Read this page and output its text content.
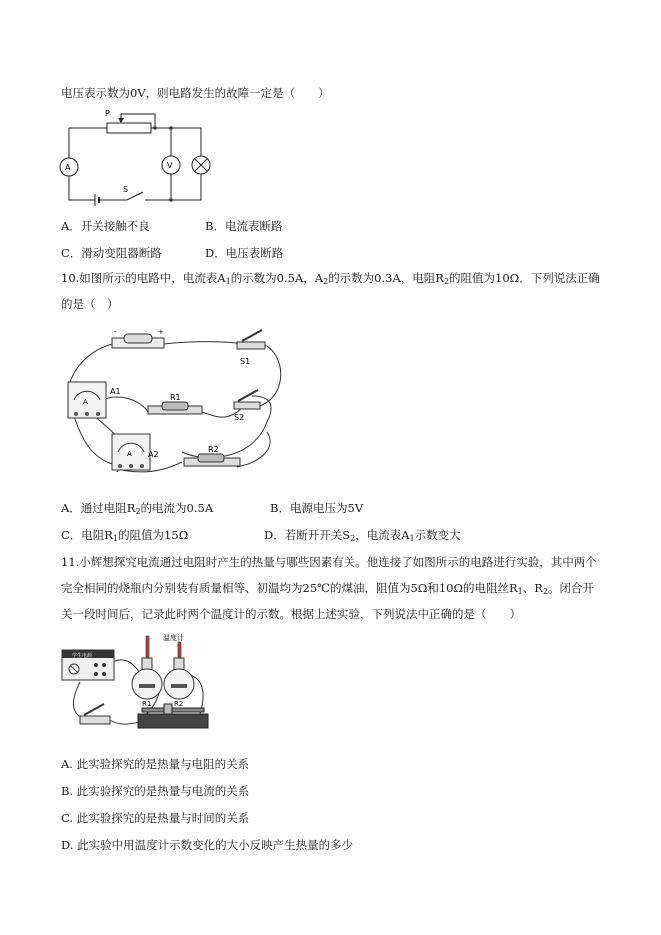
电压表示数为0V，则电路发生的故障一定是（　　）
P
A	V
S
A．开关接触不良	B．电流表断路
C．滑动变阻器断路	D．电压表断路
10.如图所示的电路中，电流表$A_1$的示数为0.5A，$A_2$的示数为0.3A，电阻$R_2$的阻值为10Ω．下列说法正确
的是（　）
-	+
S1
A
A1
R1
S2
A A2
R2
A．通过电阻$R_2$的电流为0.5A	B．电源电压为5V
C．电阻$R_1$的阻值为15Ω	D．若断开开关$S_2$，电流表$A_1$示数变大
11.小辉想探究电流通过电阻时产生的热量与哪些因素有关。他连接了如图所示的电路进行实验，其中两个
完全相同的烧瓶内分别装有质量相等、初温均为25℃的煤油，阻值为5Ω和10Ω的电阻丝$R_1$、$R_2$。闭合开
关一段时间后，记录此时两个温度计的示数。根据上述实验，下列说法中正确的是（　　）
学生电源
温度计
R1	R2
A. 此实验探究的是热量与电阻的关系
B. 此实验探究的是热量与电流的关系
C. 此实验探究的是热量与时间的关系
D. 此实验中用温度计示数变化的大小反映产生热量的多少
